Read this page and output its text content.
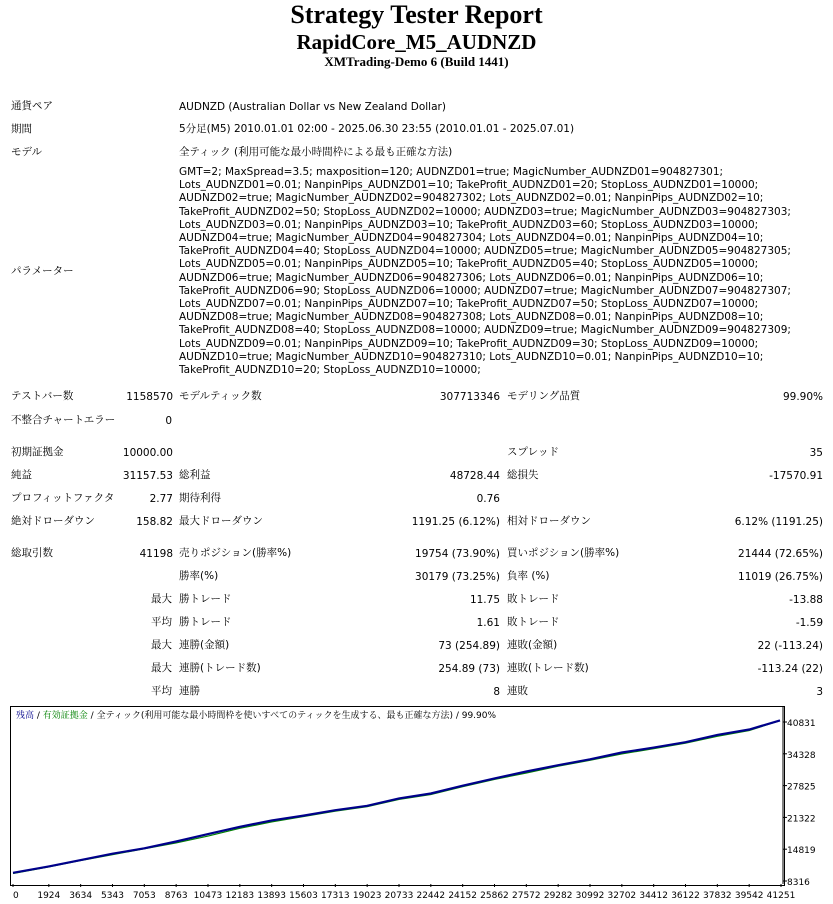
Strategy Tester Report
RapidCore_M5_AUDNZD
XMTrading-Demo 6 (Build 1441)
通貨ペア	AUDNZD (Australian Dollar vs New Zealand Dollar)
期間	5分足(M5) 2010.01.01 02:00 - 2025.06.30 23:55 (2010.01.01 - 2025.07.01)
モデル	全ティック (利用可能な最小時間枠による最も正確な方法)
パラメーター
GMT=2; MaxSpread=3.5; maxposition=120; AUDNZD01=true; MagicNumber_AUDNZD01=904827301; Lots_AUDNZD01=0.01; NanpinPips_AUDNZD01=10; TakeProfit_AUDNZD01=20; StopLoss_AUDNZD01=10000; AUDNZD02=true; MagicNumber_AUDNZD02=904827302; Lots_AUDNZD02=0.01; NanpinPips_AUDNZD02=10; TakeProfit_AUDNZD02=50; StopLoss_AUDNZD02=10000; AUDNZD03=true; MagicNumber_AUDNZD03=904827303; Lots_AUDNZD03=0.01; NanpinPips_AUDNZD03=10; TakeProfit_AUDNZD03=60; StopLoss_AUDNZD03=10000; AUDNZD04=true; MagicNumber_AUDNZD04=904827304; Lots_AUDNZD04=0.01; NanpinPips_AUDNZD04=10; TakeProfit_AUDNZD04=40; StopLoss_AUDNZD04=10000; AUDNZD05=true; MagicNumber_AUDNZD05=904827305; Lots_AUDNZD05=0.01; NanpinPips_AUDNZD05=10; TakeProfit_AUDNZD05=40; StopLoss_AUDNZD05=10000; AUDNZD06=true; MagicNumber_AUDNZD06=904827306; Lots_AUDNZD06=0.01; NanpinPips_AUDNZD06=10; TakeProfit_AUDNZD06=90; StopLoss_AUDNZD06=10000; AUDNZD07=true; MagicNumber_AUDNZD07=904827307; Lots_AUDNZD07=0.01; NanpinPips_AUDNZD07=10; TakeProfit_AUDNZD07=50; StopLoss_AUDNZD07=10000; AUDNZD08=true; MagicNumber_AUDNZD08=904827308; Lots_AUDNZD08=0.01; NanpinPips_AUDNZD08=10; TakeProfit_AUDNZD08=40; StopLoss_AUDNZD08=10000; AUDNZD09=true; MagicNumber_AUDNZD09=904827309; Lots_AUDNZD09=0.01; NanpinPips_AUDNZD09=10; TakeProfit_AUDNZD09=30; StopLoss_AUDNZD09=10000; AUDNZD10=true; MagicNumber_AUDNZD10=904827310; Lots_AUDNZD10=0.01; NanpinPips_AUDNZD10=10; TakeProfit_AUDNZD10=20; StopLoss_AUDNZD10=10000;
テストバー数	1158570 モデルティック数	307713346 モデリング品質	99.90%
不整合チャートエラー	0
初期証拠金	10000.00	スプレッド	35
純益	31157.53 総利益	48728.44 総損失	-17570.91
プロフィットファクタ	2.77 期待利得	0.76
絶対ドローダウン	158.82 最大ドローダウン	1191.25 (6.12%) 相対ドローダウン	6.12% (1191.25)
総取引数	41198 売りポジション(勝率%)	19754 (73.90%) 買いポジション(勝率%)	21444 (72.65%)
勝率(%)	30179 (73.25%) 負率 (%)	11019 (26.75%)
最大 勝トレード	11.75 敗トレード	-13.88
平均 勝トレード	1.61 敗トレード	-1.59
最大 連勝(金額)	73 (254.89) 連敗(金額)	22 (-113.24)
最大 連勝(トレード数)	254.89 (73) 連敗(トレード数)	-113.24 (22)
平均 連勝	8 連敗	3
8316
14819
21322
27825
34328
40831
0 1924 3634 5343 7053 8763 10473 12183 13893 15603 17313 19023 20733 22442 24152 25862 27572 29282 30992 32702 34412 36122 37832 39542 41251
残高 / 有効証拠金 / 全ティック(利用可能な最小時間枠を使いすべてのティックを生成する、最も正確な方法) / 99.90%
